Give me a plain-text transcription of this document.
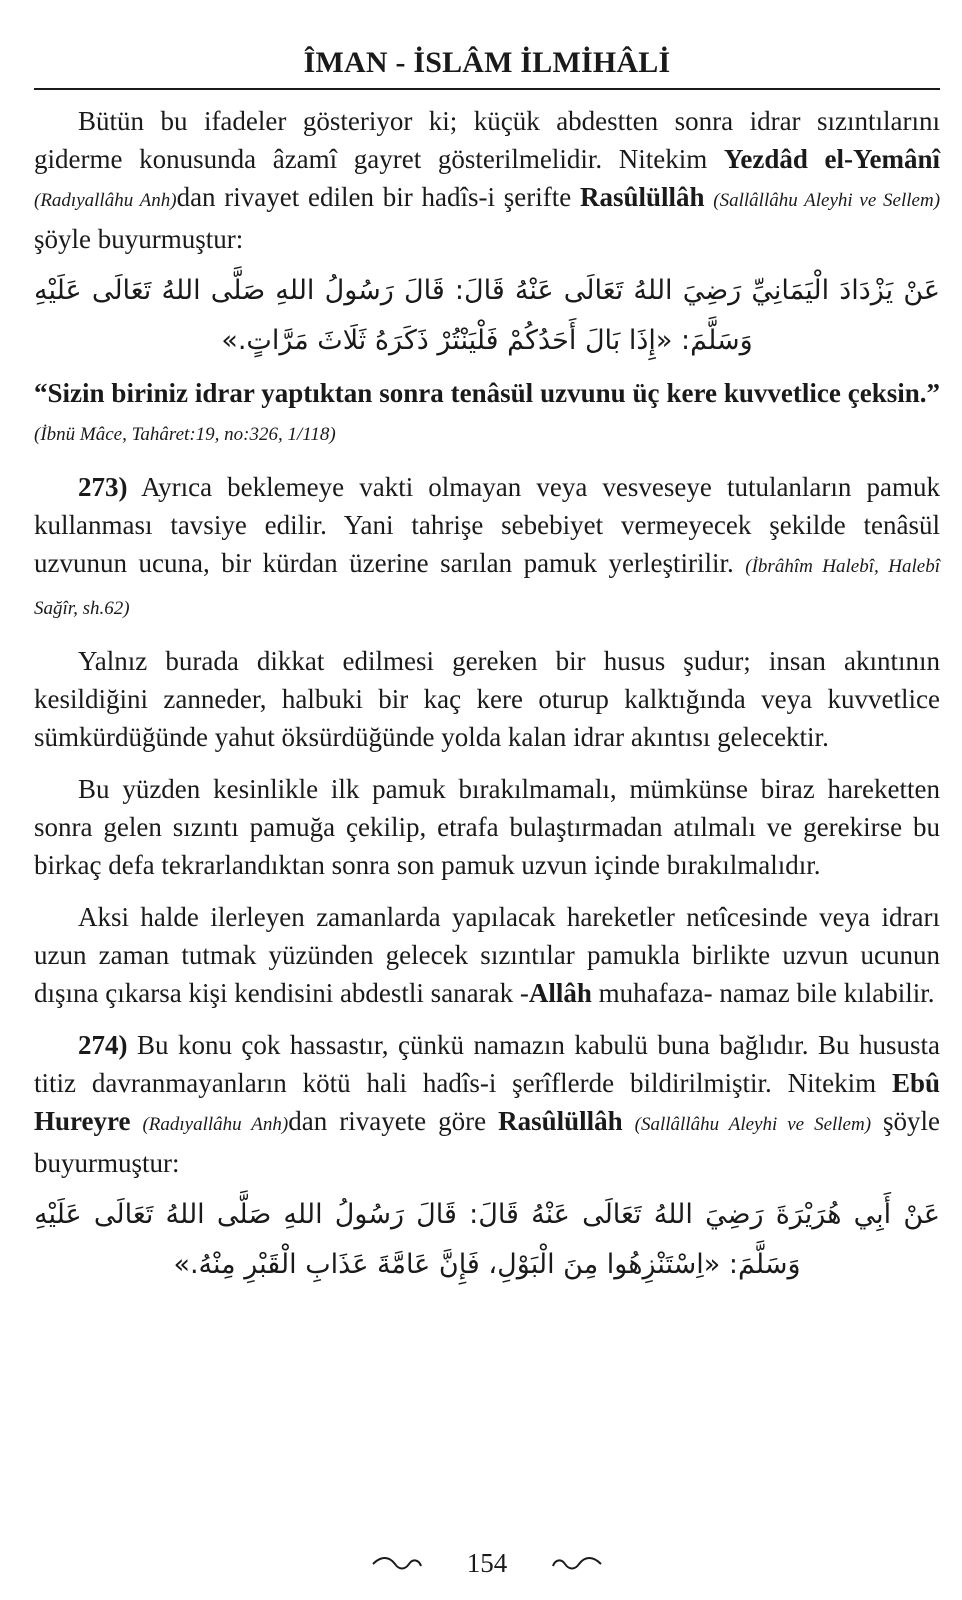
ÎMAN - İSLÂM İLMİHÂLİ

Bütün bu ifadeler gösteriyor ki; küçük abdestten sonra idrar sızıntılarını giderme konusunda âzamî gayret gösterilmelidir. Nitekim Yezdâd el-Yemânî (Radıyallâhu Anh)dan rivayet edilen bir hadîs-i şerifte Rasûlüllâh (Sallâllâhu Aleyhi ve Sellem) şöyle buyurmuştur:

عَنْ يَزْدَادَ الْيَمَانِيِّ رَضِيَ اللهُ تَعَالَى عَنْهُ قَالَ: قَالَ رَسُولُ اللهِ صَلَّى اللهُ تَعَالَى عَلَيْهِ

وَسَلَّمَ: «إِذَا بَالَ أَحَدُكُمْ فَلْيَنْتُرْ ذَكَرَهُ ثَلَاثَ مَرَّاتٍ.»

“Sizin biriniz idrar yaptıktan sonra tenâsül uzvunu üç kere kuvvetlice çeksin.” (İbnü Mâce, Tahâret:19, no:326, 1/118)

273) Ayrıca beklemeye vakti olmayan veya vesveseye tutulanların pamuk kullanması tavsiye edilir. Yani tahrişe sebebiyet vermeyecek şekilde tenâsül uzvunun ucuna, bir kürdan üzerine sarılan pamuk yerleştirilir. (İbrâhîm Halebî, Halebî Sağîr, sh.62)

Yalnız burada dikkat edilmesi gereken bir husus şudur; insan akıntının kesildiğini zanneder, halbuki bir kaç kere oturup kalktığında veya kuvvetlice sümkürdüğünde yahut öksürdüğünde yolda kalan idrar akıntısı gelecektir.

Bu yüzden kesinlikle ilk pamuk bırakılmamalı, mümkünse biraz hareketten sonra gelen sızıntı pamuğa çekilip, etrafa bulaştırmadan atılmalı ve gerekirse bu birkaç defa tekrarlandıktan sonra son pamuk uzvun içinde bırakılmalıdır.

Aksi halde ilerleyen zamanlarda yapılacak hareketler netîcesinde veya idrarı uzun zaman tutmak yüzünden gelecek sızıntılar pamukla birlikte uzvun ucunun dışına çıkarsa kişi kendisini abdestli sanarak -Allâh muhafaza- namaz bile kılabilir.

274) Bu konu çok hassastır, çünkü namazın kabulü buna bağlıdır. Bu hususta titiz davranmayanların kötü hali hadîs-i şerîflerde bildirilmiştir. Nitekim Ebû Hureyre (Radıyallâhu Anh)dan rivayete göre Rasûlüllâh (Sallâllâhu Aleyhi ve Sellem) şöyle buyurmuştur:

عَنْ أَبِي هُرَيْرَةَ رَضِيَ اللهُ تَعَالَى عَنْهُ قَالَ: قَالَ رَسُولُ اللهِ صَلَّى اللهُ تَعَالَى عَلَيْهِ

وَسَلَّمَ: «اِسْتَنْزِهُوا مِنَ الْبَوْلِ، فَإِنَّ عَامَّةَ عَذَابِ الْقَبْرِ مِنْهُ.»

154
